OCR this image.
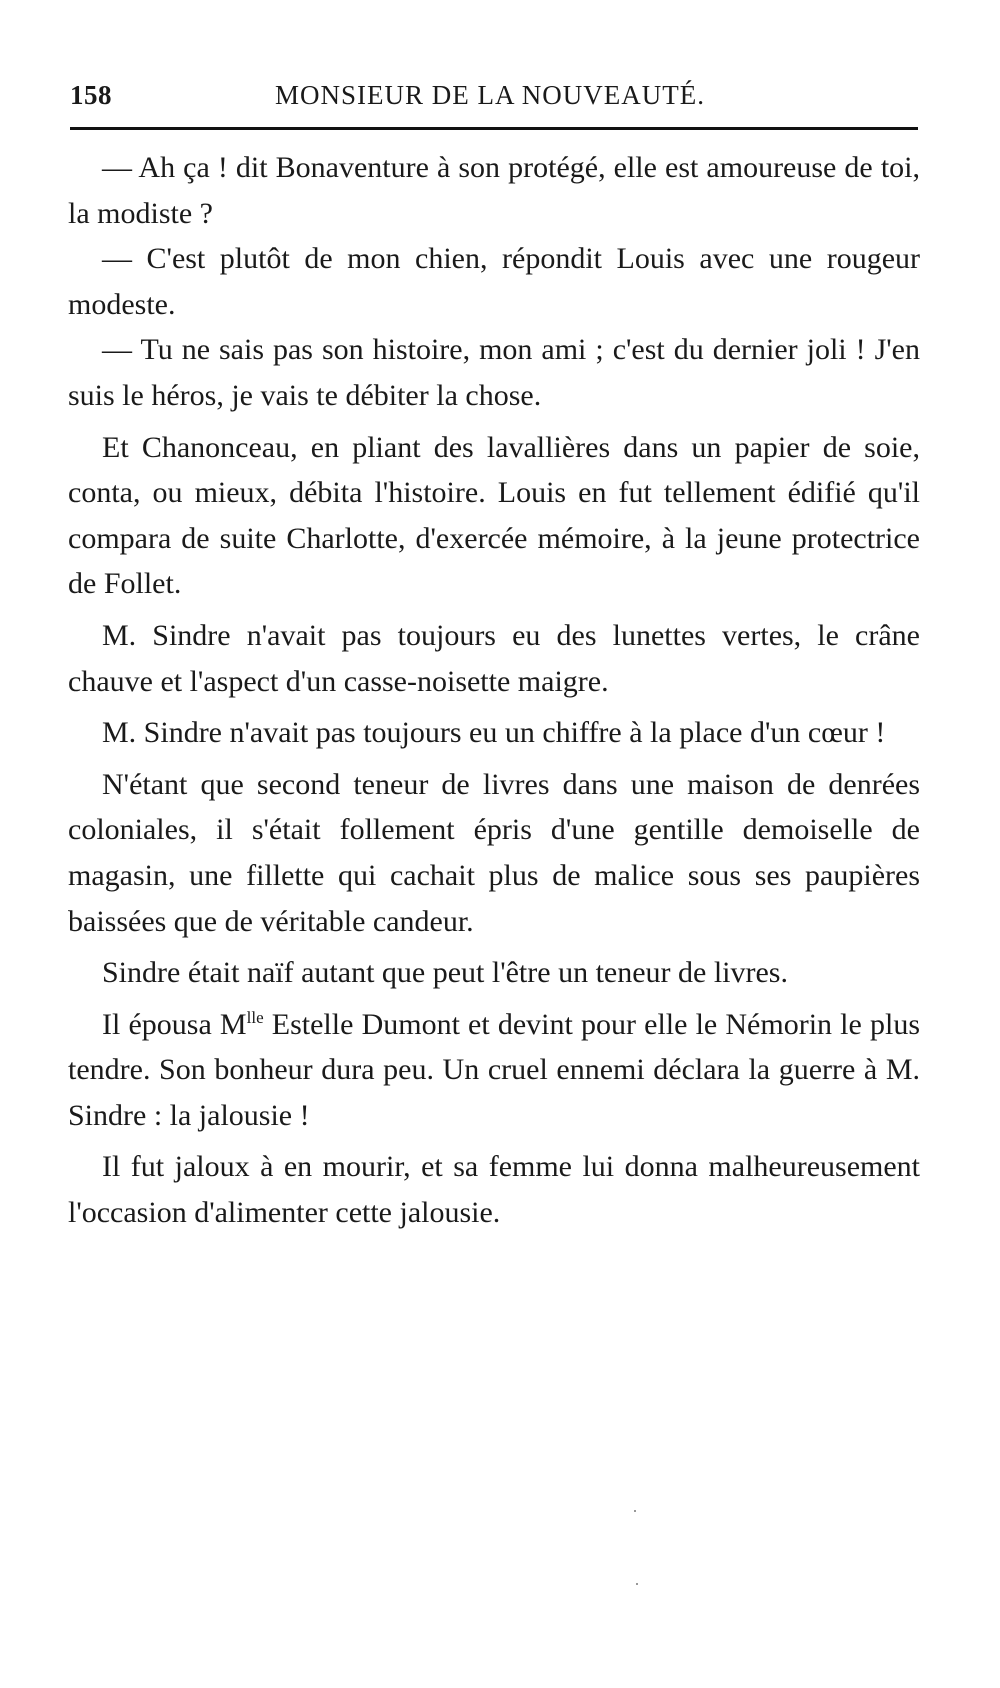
158	MONSIEUR DE LA NOUVEAUTÉ.

— Ah ça ! dit Bonaventure à son protégé, elle est amoureuse de toi, la modiste ?

— C'est plutôt de mon chien, répondit Louis avec une rougeur modeste.

— Tu ne sais pas son histoire, mon ami ; c'est du dernier joli ! J'en suis le héros, je vais te débiter la chose.

Et Chanonceau, en pliant des lavallières dans un papier de soie, conta, ou mieux, débita l'histoire. Louis en fut tellement édifié qu'il compara de suite Charlotte, d'exercée mémoire, à la jeune protectrice de Follet.

M. Sindre n'avait pas toujours eu des lunettes vertes, le crâne chauve et l'aspect d'un casse-noisette maigre.

M. Sindre n'avait pas toujours eu un chiffre à la place d'un cœur !

N'étant que second teneur de livres dans une maison de denrées coloniales, il s'était follement épris d'une gentille demoiselle de magasin, une fillette qui cachait plus de malice sous ses paupières baissées que de véritable candeur.

Sindre était naïf autant que peut l'être un teneur de livres.

Il épousa $M^{lle}$ Estelle Dumont et devint pour elle le Némorin le plus tendre. Son bonheur dura peu. Un cruel ennemi déclara la guerre à M. Sindre : la jalousie !

Il fut jaloux à en mourir, et sa femme lui donna malheureusement l'occasion d'alimenter cette jalousie.
